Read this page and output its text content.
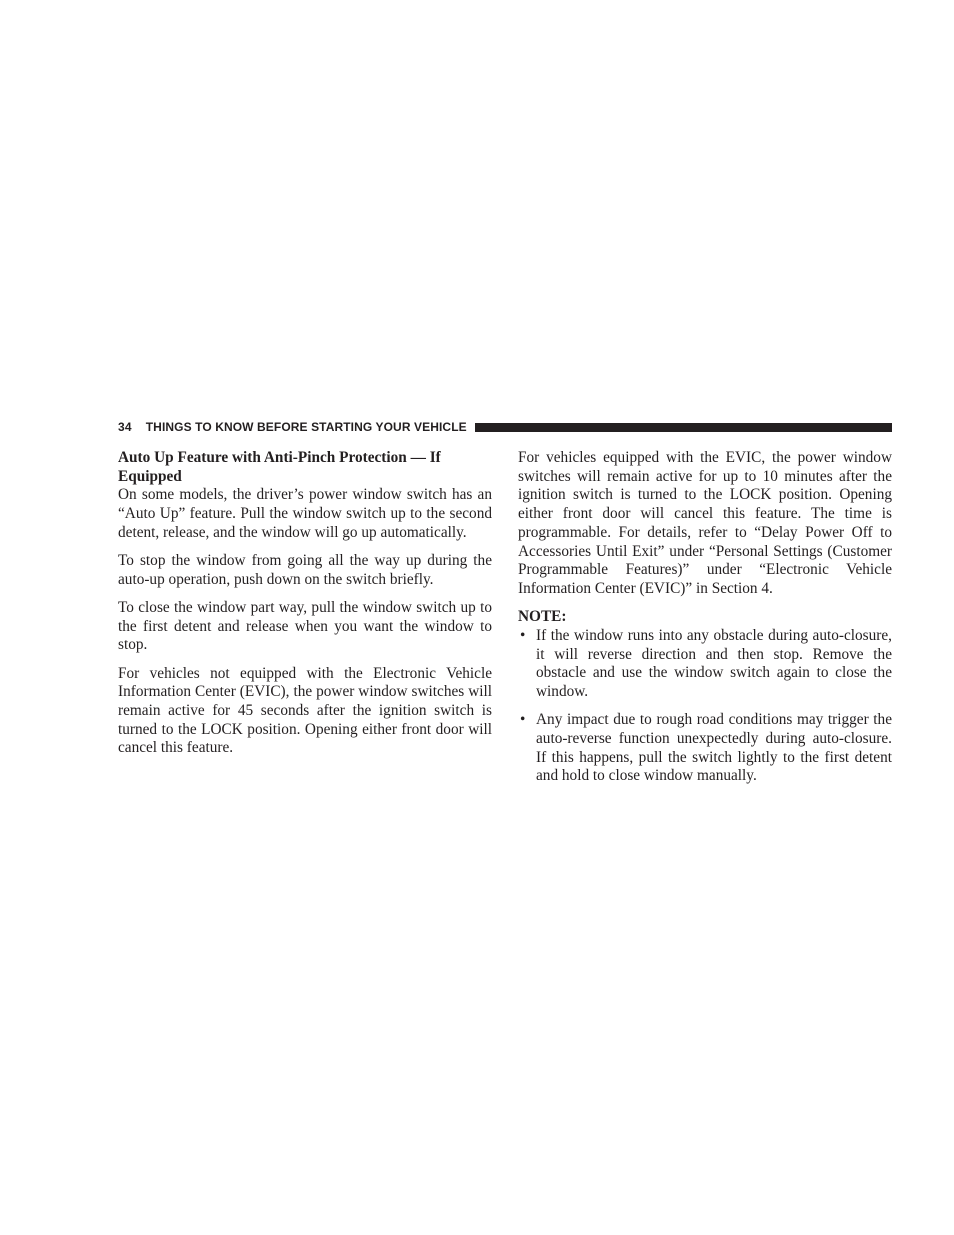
34 THINGS TO KNOW BEFORE STARTING YOUR VEHICLE
Auto Up Feature with Anti-Pinch Protection — If Equipped

On some models, the driver’s power window switch has an “Auto Up” feature. Pull the window switch up to the second detent, release, and the window will go up automatically.

To stop the window from going all the way up during the auto-up operation, push down on the switch briefly.

To close the window part way, pull the window switch up to the first detent and release when you want the window to stop.

For vehicles not equipped with the Electronic Vehicle Information Center (EVIC), the power window switches will remain active for 45 seconds after the ignition switch is turned to the LOCK position. Opening either front door will cancel this feature.

For vehicles equipped with the EVIC, the power window switches will remain active for up to 10 minutes after the ignition switch is turned to the LOCK position. Opening either front door will cancel this feature. The time is programmable. For details, refer to “Delay Power Off to Accessories Until Exit” under “Personal Settings (Customer Programmable Features)” under “Electronic Vehicle Information Center (EVIC)” in Section 4.

NOTE:
• If the window runs into any obstacle during auto-closure, it will reverse direction and then stop. Remove the obstacle and use the window switch again to close the window.
• Any impact due to rough road conditions may trigger the auto-reverse function unexpectedly during auto-closure. If this happens, pull the switch lightly to the first detent and hold to close window manually.
